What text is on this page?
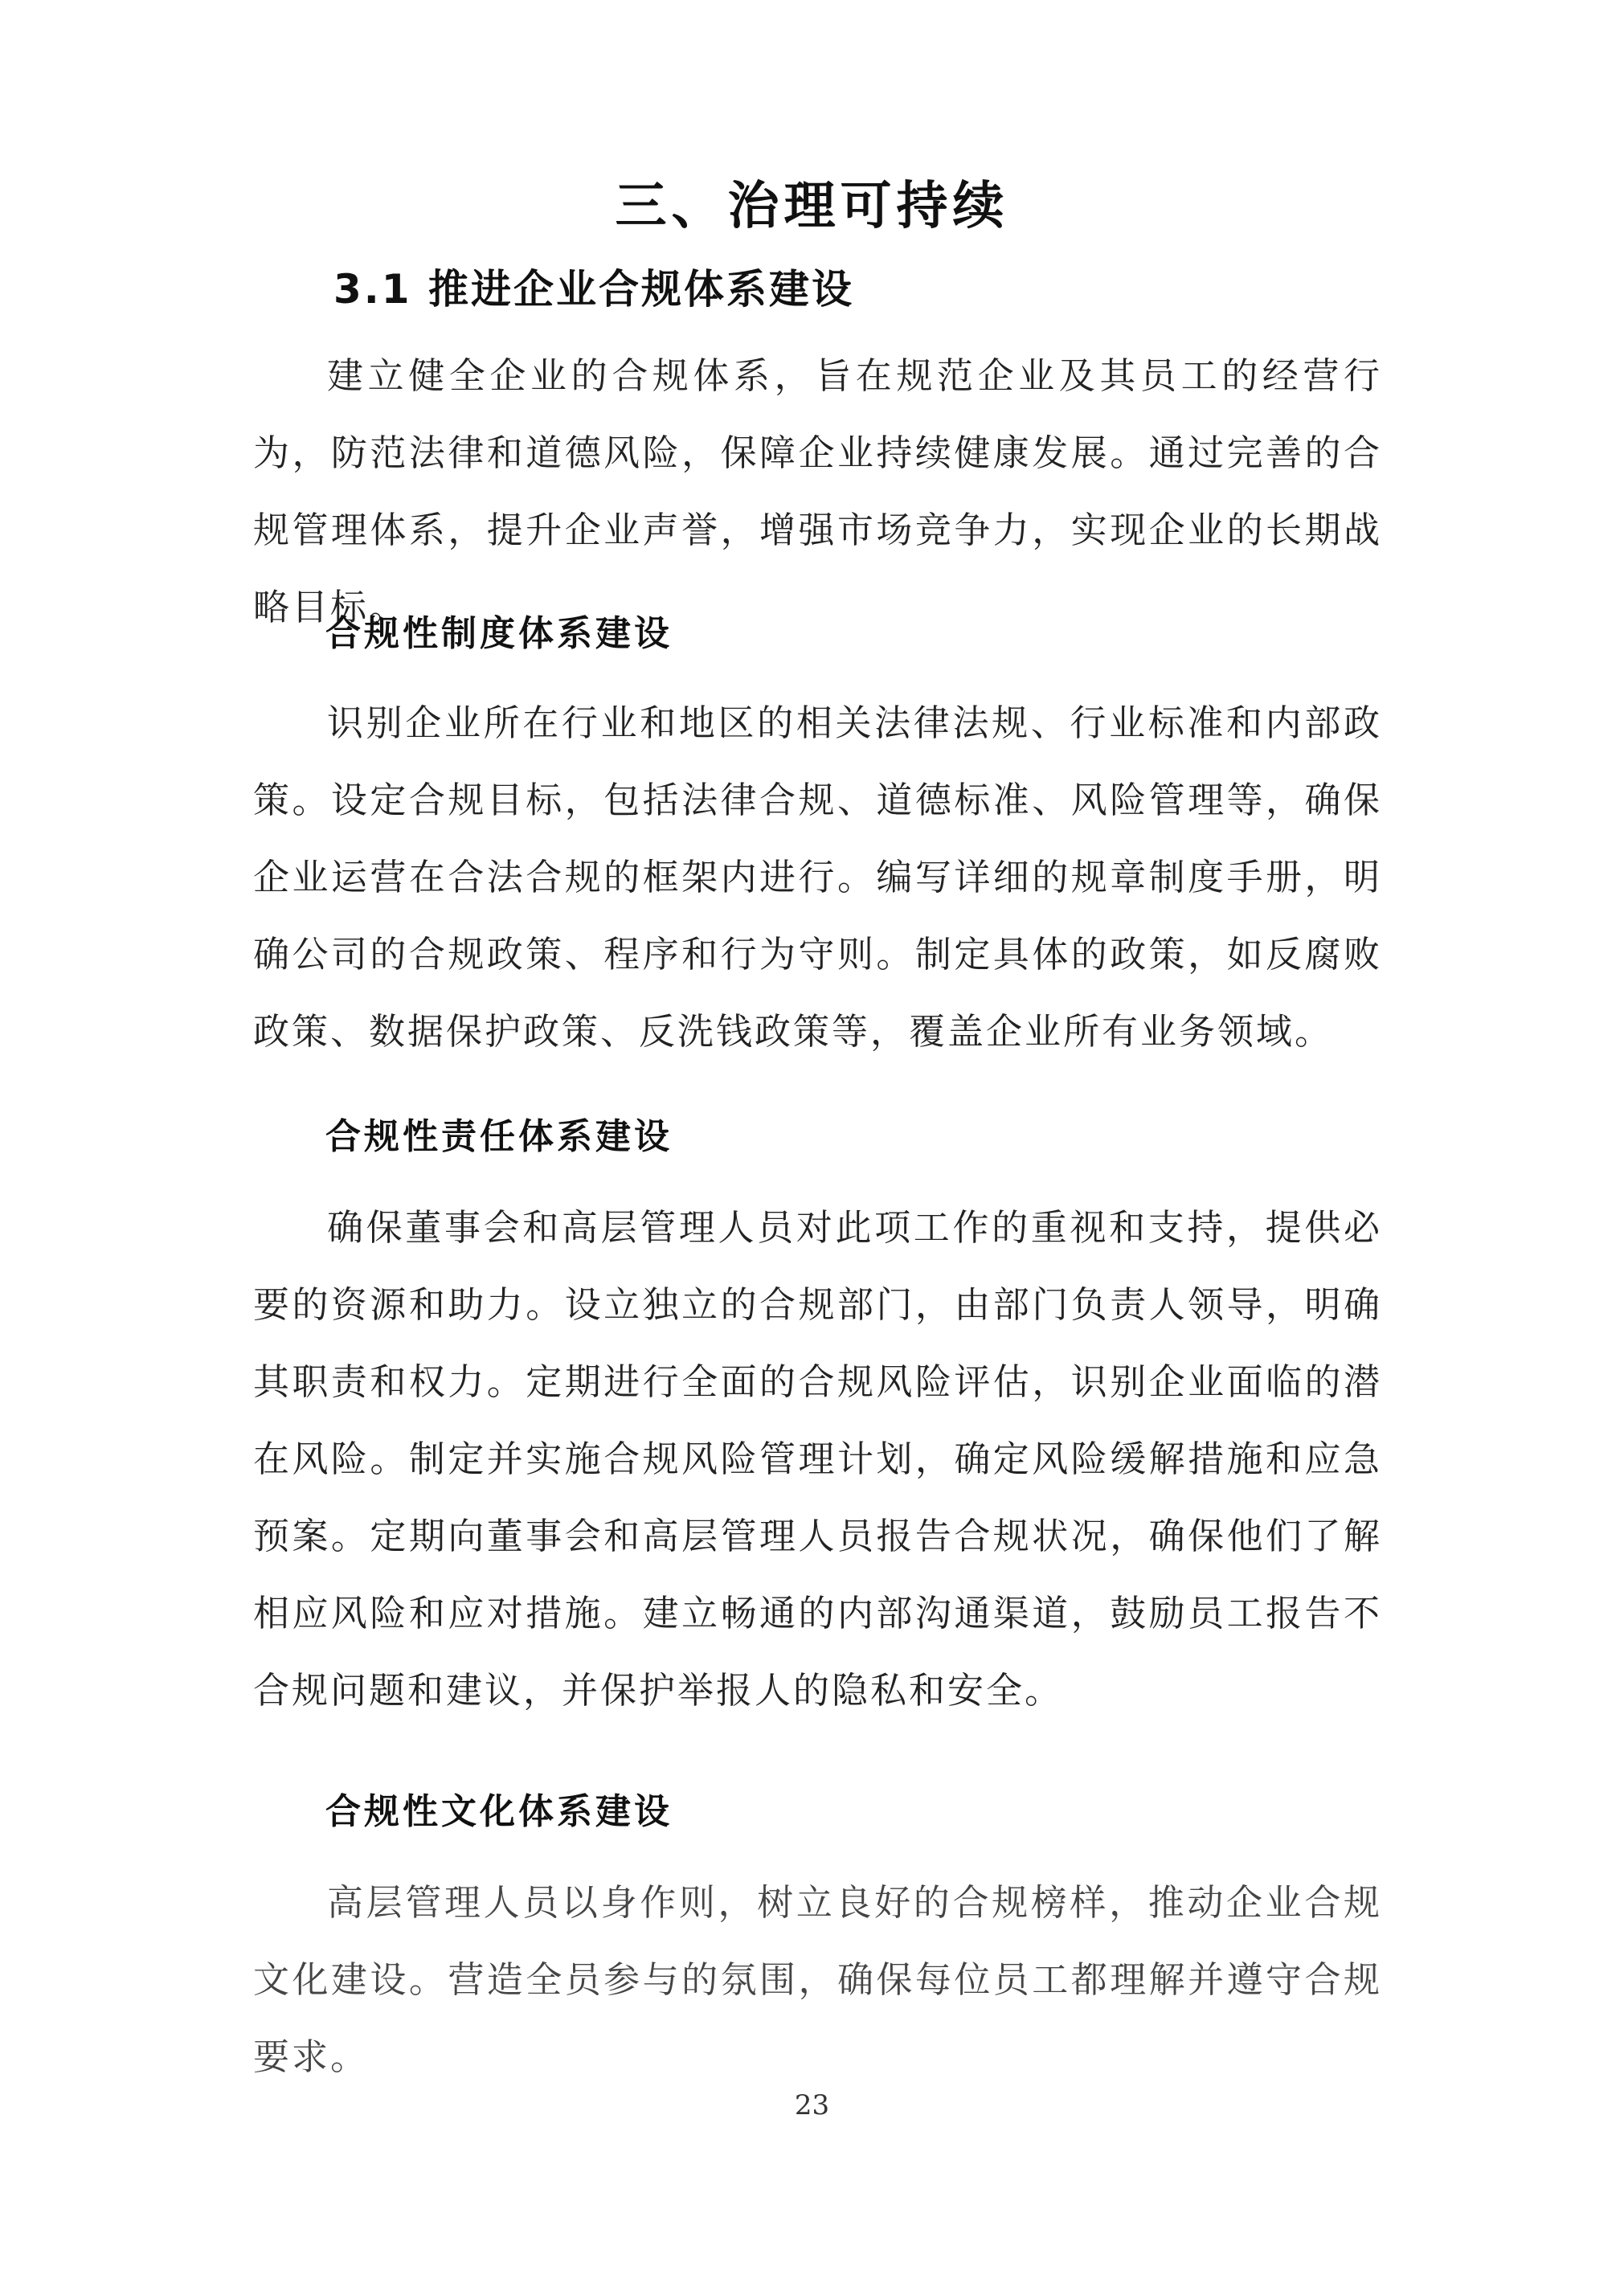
三、治理可持续
3.1 推进企业合规体系建设

建立健全企业的合规体系，旨在规范企业及其员工的经营行为，防范法律和道德风险，保障企业持续健康发展。通过完善的合规管理体系，提升企业声誉，增强市场竞争力，实现企业的长期战略目标。

合规性制度体系建设

识别企业所在行业和地区的相关法律法规、行业标准和内部政策。设定合规目标，包括法律合规、道德标准、风险管理等，确保企业运营在合法合规的框架内进行。编写详细的规章制度手册，明确公司的合规政策、程序和行为守则。制定具体的政策，如反腐败政策、数据保护政策、反洗钱政策等，覆盖企业所有业务领域。

合规性责任体系建设

确保董事会和高层管理人员对此项工作的重视和支持，提供必要的资源和助力。设立独立的合规部门，由部门负责人领导，明确其职责和权力。定期进行全面的合规风险评估，识别企业面临的潜在风险。制定并实施合规风险管理计划，确定风险缓解措施和应急预案。定期向董事会和高层管理人员报告合规状况，确保他们了解相应风险和应对措施。建立畅通的内部沟通渠道，鼓励员工报告不合规问题和建议，并保护举报人的隐私和安全。

合规性文化体系建设

高层管理人员以身作则，树立良好的合规榜样，推动企业合规文化建设。营造全员参与的氛围，确保每位员工都理解并遵守合规要求。

23
